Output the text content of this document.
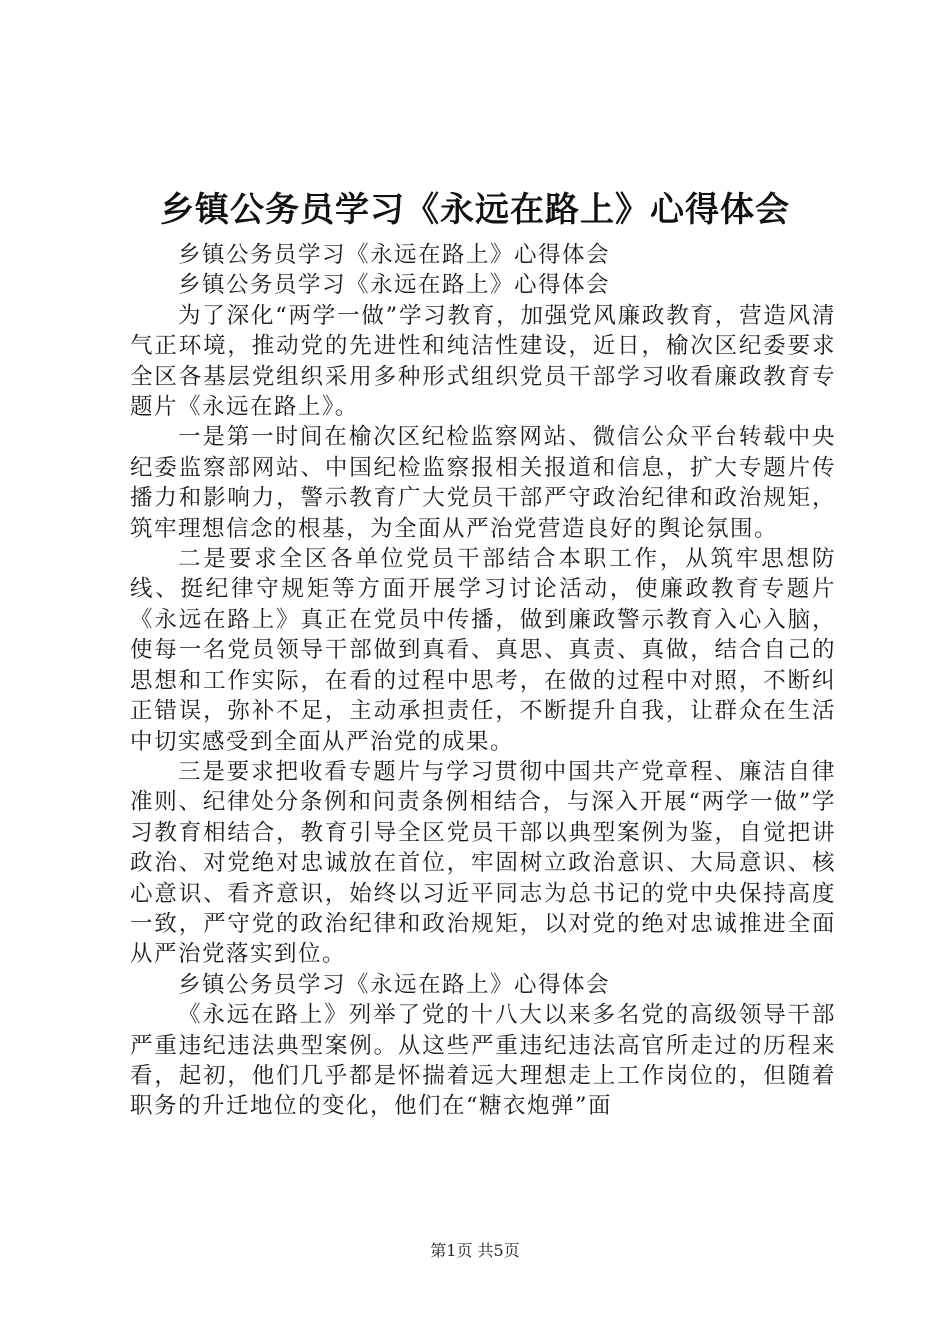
乡镇公务员学习《永远在路上》心得体会

乡镇公务员学习《永远在路上》心得体会

乡镇公务员学习《永远在路上》心得体会

为了深化“两学一做”学习教育，加强党风廉政教育，营造风清气正环境，推动党的先进性和纯洁性建设，近日，榆次区纪委要求全区各基层党组织采用多种形式组织党员干部学习收看廉政教育专题片《永远在路上》。

一是第一时间在榆次区纪检监察网站、微信公众平台转载中央纪委监察部网站、中国纪检监察报相关报道和信息，扩大专题片传播力和影响力，警示教育广大党员干部严守政治纪律和政治规矩，筑牢理想信念的根基，为全面从严治党营造良好的舆论氛围。

二是要求全区各单位党员干部结合本职工作，从筑牢思想防线、挺纪律守规矩等方面开展学习讨论活动，使廉政教育专题片《永远在路上》真正在党员中传播，做到廉政警示教育入心入脑，使每一名党员领导干部做到真看、真思、真责、真做，结合自己的思想和工作实际，在看的过程中思考，在做的过程中对照，不断纠正错误，弥补不足，主动承担责任，不断提升自我，让群众在生活中切实感受到全面从严治党的成果。

三是要求把收看专题片与学习贯彻中国共产党章程、廉洁自律准则、纪律处分条例和问责条例相结合，与深入开展“两学一做”学习教育相结合，教育引导全区党员干部以典型案例为鉴，自觉把讲政治、对党绝对忠诚放在首位，牢固树立政治意识、大局意识、核心意识、看齐意识，始终以习近平同志为总书记的党中央保持高度一致，严守党的政治纪律和政治规矩，以对党的绝对忠诚推进全面从严治党落实到位。

乡镇公务员学习《永远在路上》心得体会

《永远在路上》列举了党的十八大以来多名党的高级领导干部严重违纪违法典型案例。从这些严重违纪违法高官所走过的历程来看，起初，他们几乎都是怀揣着远大理想走上工作岗位的，但随着职务的升迁地位的变化，他们在“糖衣炮弹”面

第1页 共5页
